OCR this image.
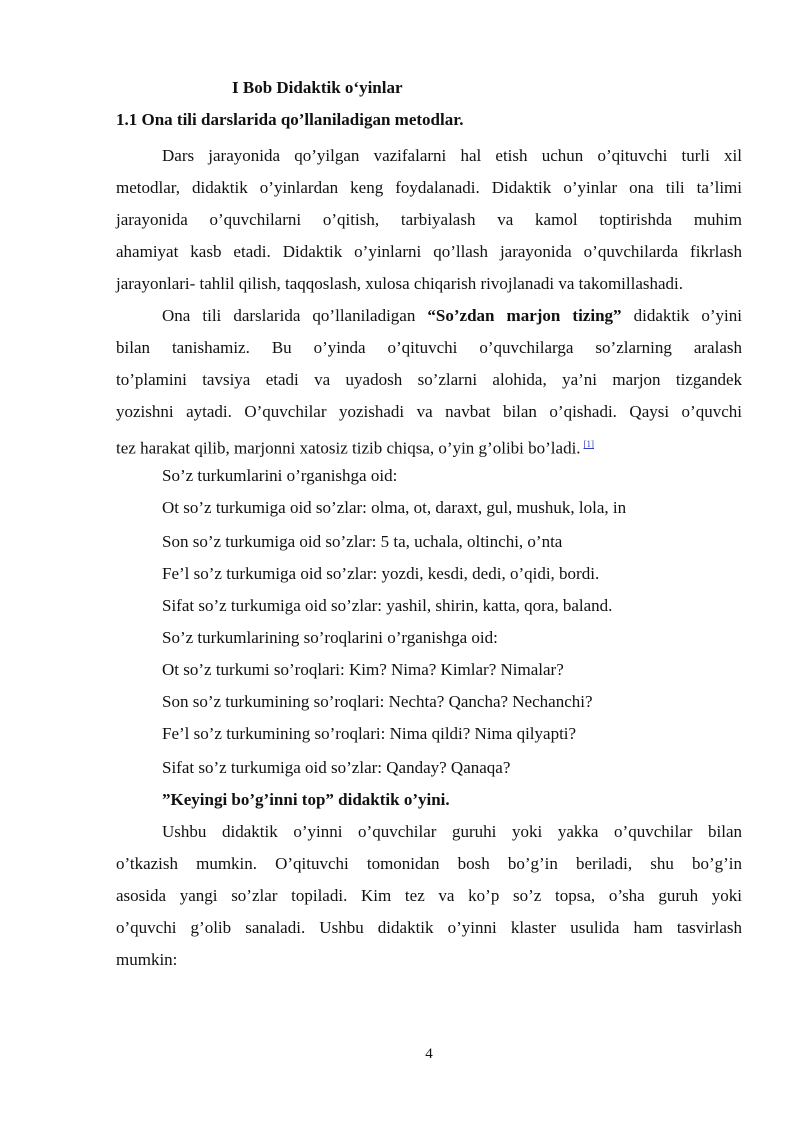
I Bob Didaktik o‘yinlar
1.1 Ona tili darslarida qo’llaniladigan metodlar.
Dars jarayonida qo’yilgan vazifalarni hal etish uchun o’qituvchi turli xil
metodlar, didaktik o’yinlardan keng foydalanadi. Didaktik o’yinlar ona tili ta’limi
jarayonida o’quvchilarni o’qitish, tarbiyalash va kamol toptirishda muhim
ahamiyat kasb etadi. Didaktik o’yinlarni qo’llash jarayonida o’quvchilarda fikrlash
jarayonlari- tahlil qilish, taqqoslash, xulosa chiqarish rivojlanadi va takomillashadi.
Ona tili darslarida qo’llaniladigan “So’zdan marjon tizing” didaktik o’yini
bilan tanishamiz. Bu o’yinda o’qituvchi o’quvchilarga so’zlarning aralash
to’plamini tavsiya etadi va uyadosh so’zlarni alohida, ya’ni marjon tizgandek
yozishni aytadi. O’quvchilar yozishadi va navbat bilan o’qishadi. Qaysi o’quvchi
tez harakat qilib, marjonni xatosiz tizib chiqsa, o’yin g’olibi bo’ladi. [1]
So’z turkumlarini o’rganishga oid:
Ot so’z turkumiga oid so’zlar: olma, ot, daraxt, gul, mushuk, lola, in
Son so’z turkumiga oid so’zlar: 5 ta, uchala, oltinchi, o’nta
Fe’l so’z turkumiga oid so’zlar: yozdi, kesdi, dedi, o’qidi, bordi.
Sifat so’z turkumiga oid so’zlar: yashil, shirin, katta, qora, baland.
So’z turkumlarining so’roqlarini o’rganishga oid:
Ot so’z turkumi so’roqlari: Kim? Nima? Kimlar? Nimalar?
Son so’z turkumining so’roqlari: Nechta? Qancha? Nechanchi?
Fe’l so’z turkumining so’roqlari: Nima qildi? Nima qilyapti?
Sifat so’z turkumiga oid so’zlar: Qanday? Qanaqa?
”Keyingi bo’g’inni top” didaktik o’yini.
Ushbu didaktik o’yinni o’quvchilar guruhi yoki yakka o’quvchilar bilan
o’tkazish mumkin. O’qituvchi tomonidan bosh bo’g’in beriladi, shu bo’g’in
asosida yangi so’zlar topiladi. Kim tez va ko’p so’z topsa, o’sha guruh yoki
o’quvchi g’olib sanaladi. Ushbu didaktik o’yinni klaster usulida ham tasvirlash
mumkin:
4
